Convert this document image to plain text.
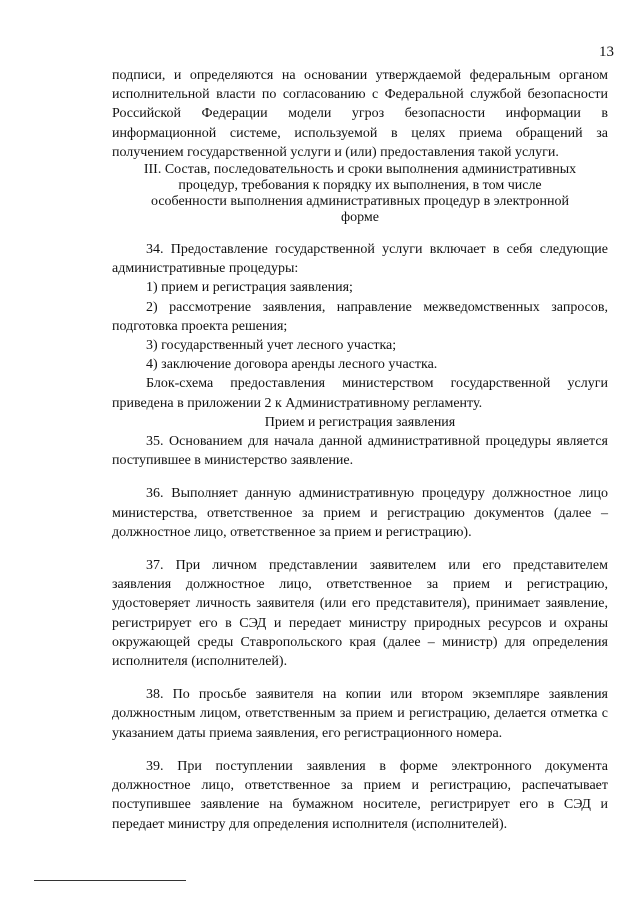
13

подписи, и определяются на основании утверждаемой федеральным органом исполнительной власти по согласованию с Федеральной службой безопасности Российской Федерации модели угроз безопасности информации в информационной системе, используемой в целях приема обращений за получением государственной услуги и (или) предоставления такой услуги.

III. Состав, последовательность и сроки выполнения административных процедур, требования к порядку их выполнения, в том числе особенности выполнения административных процедур в электронной форме

34. Предоставление государственной услуги включает в себя следующие административные процедуры:

1) прием и регистрация заявления;

2) рассмотрение заявления, направление межведомственных запросов, подготовка проекта решения;

3) государственный учет лесного участка;

4) заключение договора аренды лесного участка.

Блок-схема предоставления министерством государственной услуги приведена в приложении 2 к Административному регламенту.

Прием и регистрация заявления

35. Основанием для начала данной административной процедуры является поступившее в министерство заявление.

36. Выполняет данную административную процедуру должностное лицо министерства, ответственное за прием и регистрацию документов (далее – должностное лицо, ответственное за прием и регистрацию).

37. При личном представлении заявителем или его представителем заявления должностное лицо, ответственное за прием и регистрацию, удостоверяет личность заявителя (или его представителя), принимает заявление, регистрирует его в СЭД и передает министру природных ресурсов и охраны окружающей среды Ставропольского края (далее – министр) для определения исполнителя (исполнителей).

38. По просьбе заявителя на копии или втором экземпляре заявления должностным лицом, ответственным за прием и регистрацию, делается отметка с указанием даты приема заявления, его регистрационного номера.

39. При поступлении заявления в форме электронного документа должностное лицо, ответственное за прием и регистрацию, распечатывает поступившее заявление на бумажном носителе, регистрирует его в СЭД и передает министру для определения исполнителя (исполнителей).
